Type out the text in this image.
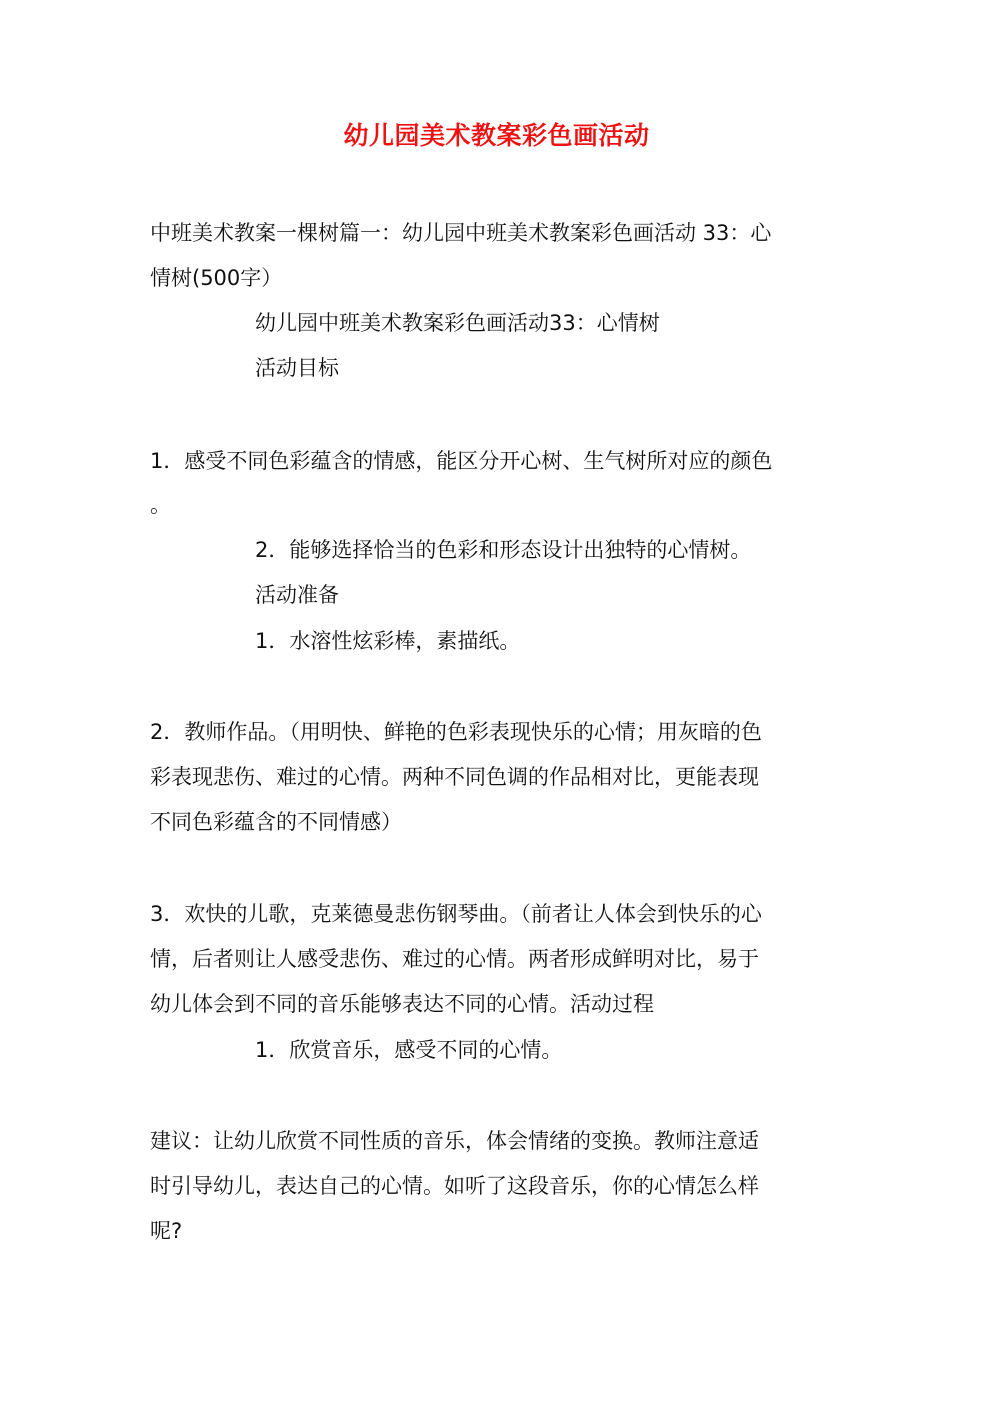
幼儿园美术教案彩色画活动
中班美术教案一棵树篇一：幼儿园中班美术教案彩色画活动 33：心
情树(500字）
幼儿园中班美术教案彩色画活动33：心情树
活动目标
1．感受不同色彩蕴含的情感，能区分开心树、生气树所对应的颜色
。
2．能够选择恰当的色彩和形态设计出独特的心情树。
活动准备
1．水溶性炫彩棒，素描纸。
2．教师作品。（用明快、鲜艳的色彩表现快乐的心情；用灰暗的色
彩表现悲伤、难过的心情。两种不同色调的作品相对比，更能表现
不同色彩蕴含的不同情感）
3．欢快的儿歌，克莱德曼悲伤钢琴曲。（前者让人体会到快乐的心
情，后者则让人感受悲伤、难过的心情。两者形成鲜明对比，易于
幼儿体会到不同的音乐能够表达不同的心情。活动过程
1．欣赏音乐，感受不同的心情。
建议：让幼儿欣赏不同性质的音乐，体会情绪的变换。教师注意适
时引导幼儿，表达自己的心情。如听了这段音乐，你的心情怎么样
呢?
